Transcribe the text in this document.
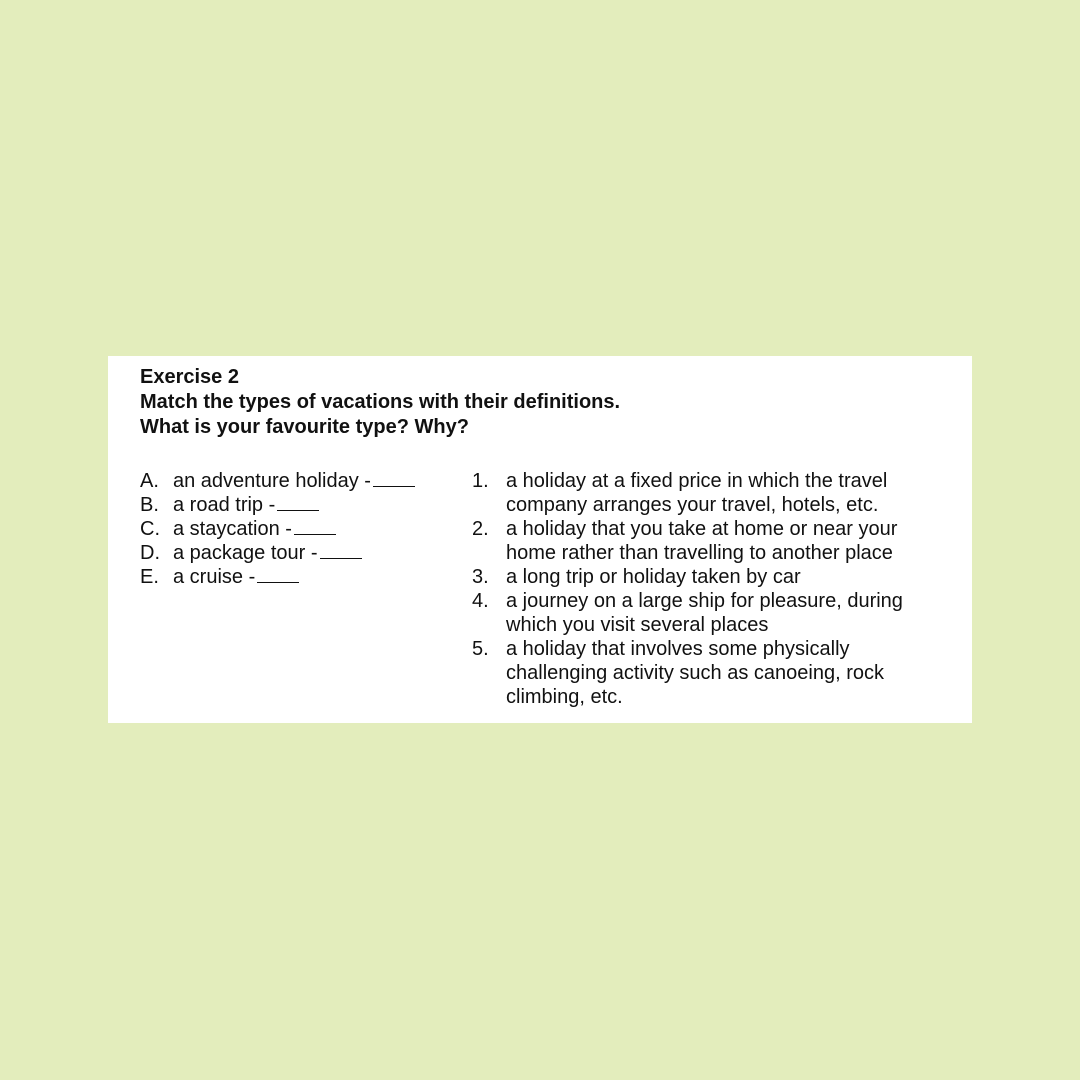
Exercise 2
Match the types of vacations with their definitions.
What is your favourite type? Why?
A. an adventure holiday -
B. a road trip -
C. a staycation -
D. a package tour -
E. a cruise -
1. a holiday at a fixed price in which the travel
company arranges your travel, hotels, etc.
2. a holiday that you take at home or near your
home rather than travelling to another place
3. a long trip or holiday taken by car
4. a journey on a large ship for pleasure, during
which you visit several places
5. a holiday that involves some physically
challenging activity such as canoeing, rock
climbing, etc.
